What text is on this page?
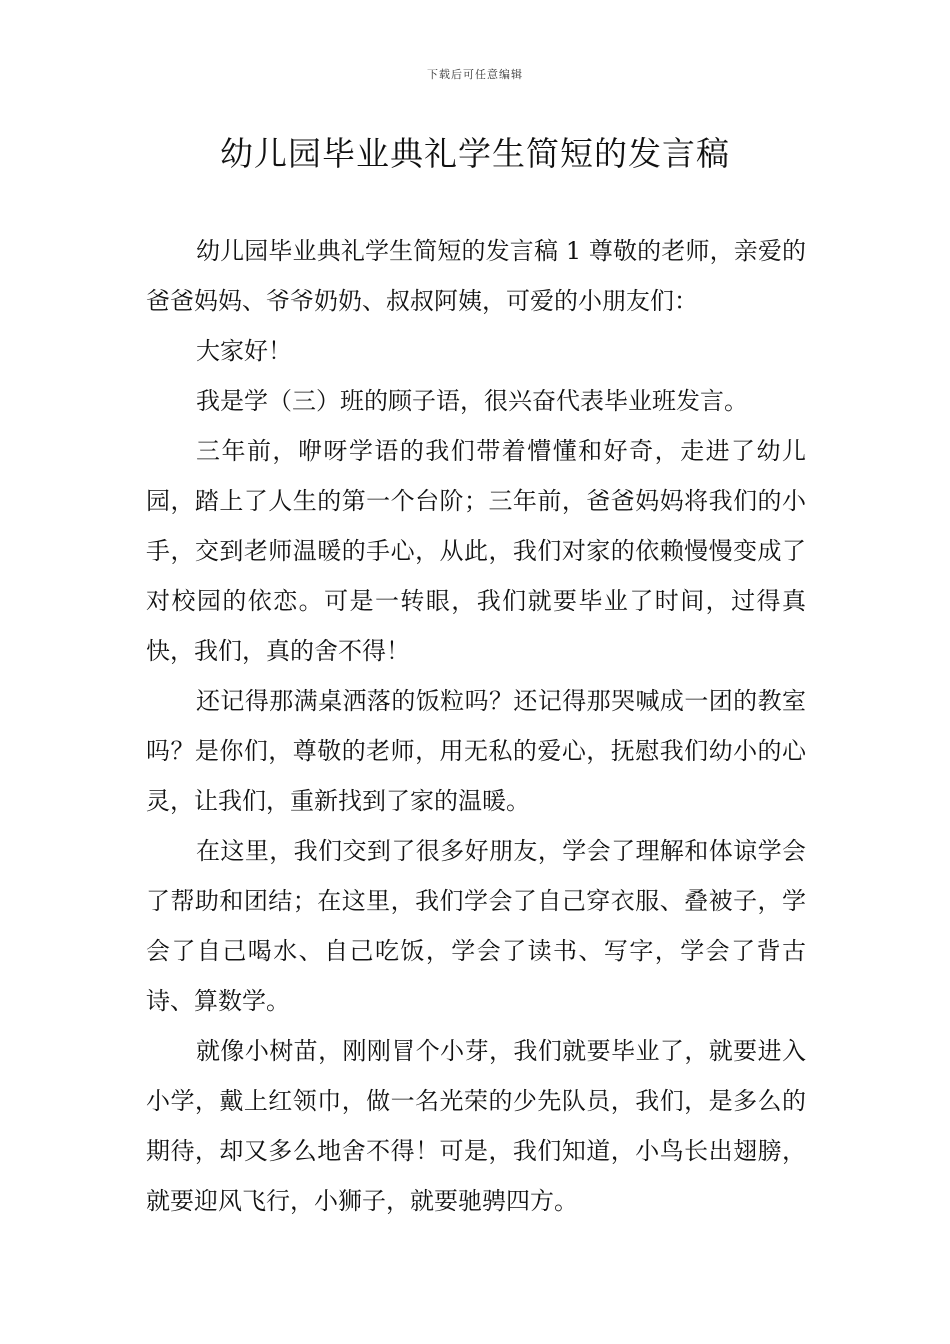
下载后可任意编辑
幼儿园毕业典礼学生简短的发言稿

幼儿园毕业典礼学生简短的发言稿 1 尊敬的老师，亲爱的爸爸妈妈、爷爷奶奶、叔叔阿姨，可爱的小朋友们：

大家好！

我是学（三）班的顾子语，很兴奋代表毕业班发言。

三年前，咿呀学语的我们带着懵懂和好奇，走进了幼儿园，踏上了人生的第一个台阶；三年前，爸爸妈妈将我们的小手，交到老师温暖的手心，从此，我们对家的依赖慢慢变成了对校园的依恋。可是一转眼，我们就要毕业了时间，过得真快，我们，真的舍不得！

还记得那满桌洒落的饭粒吗？还记得那哭喊成一团的教室吗？是你们，尊敬的老师，用无私的爱心，抚慰我们幼小的心灵，让我们，重新找到了家的温暖。

在这里，我们交到了很多好朋友，学会了理解和体谅学会了帮助和团结；在这里，我们学会了自己穿衣服、叠被子，学会了自己喝水、自己吃饭，学会了读书、写字，学会了背古诗、算数学。

就像小树苗，刚刚冒个小芽，我们就要毕业了，就要进入小学，戴上红领巾，做一名光荣的少先队员，我们，是多么的期待，却又多么地舍不得！可是，我们知道，小鸟长出翅膀，就要迎风飞行，小狮子，就要驰骋四方。
